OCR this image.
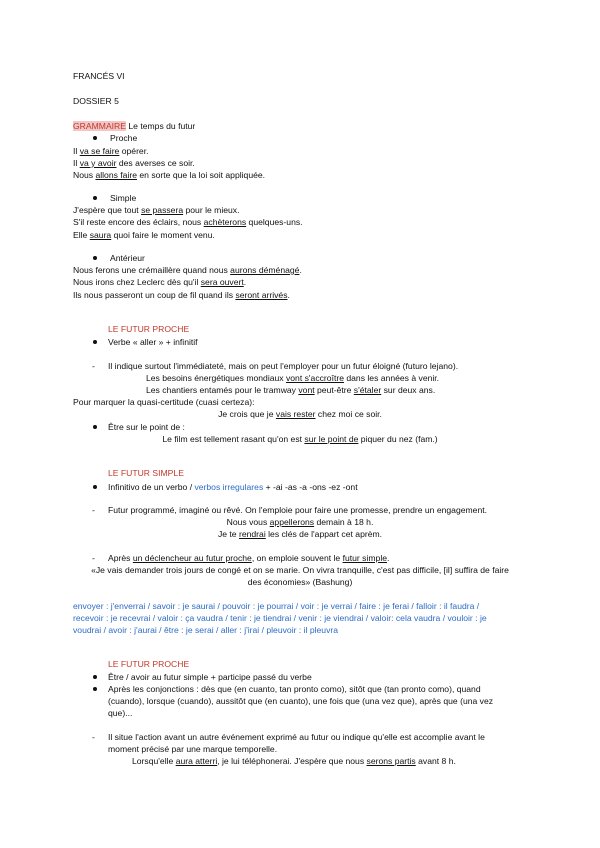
FRANCÉS VI
DOSSIER 5
GRAMMAIRE Le temps du futur
Proche
Il va se faire opérer.
Il va y avoir des averses ce soir.
Nous allons faire en sorte que la loi soit appliquée.
Simple
J'espère que tout se passera pour le mieux.
S'il reste encore des éclairs, nous achèterons quelques-uns.
Elle saura quoi faire le moment venu.
Antérieur
Nous ferons une crémaillère quand nous aurons déménagé.
Nous irons chez Leclerc dès qu'il sera ouvert.
Ils nous passeront un coup de fil quand ils seront arrivés.
LE FUTUR PROCHE
Verbe « aller » + infinitif
- Il indique surtout l'immédiateté, mais on peut l'employer pour un futur éloigné (futuro lejano).
Les besoins énergétiques mondiaux vont s'accroître dans les années à venir.
Les chantiers entamés pour le tramway vont peut-être s'étaler sur deux ans.
Pour marquer la quasi-certitude (cuasi certeza):
Je crois que je vais rester chez moi ce soir.
Être sur le point de :
Le film est tellement rasant qu'on est sur le point de piquer du nez (fam.)
LE FUTUR SIMPLE
Infinitivo de un verbo / verbos irregulares + -ai -as -a -ons -ez -ont
- Futur programmé, imaginé ou rêvé. On l'emploie pour faire une promesse, prendre un engagement.
Nous vous appellerons demain à 18 h.
Je te rendrai les clés de l'appart cet aprèm.
- Après un déclencheur au futur proche, on emploie souvent le futur simple.
«Je vais demander trois jours de congé et on se marie. On vivra tranquille, c'est pas difficile, [il] suffira de faire
des économies» (Bashung)
envoyer : j'enverrai / savoir : je saurai / pouvoir : je pourrai / voir : je verrai / faire : je ferai / falloir : il faudra /
recevoir : je recevrai / valoir : ça vaudra / tenir : je tiendrai / venir : je viendrai / valoir: cela vaudra / vouloir : je
voudrai / avoir : j'aurai / être : je serai / aller : j'irai / pleuvoir : il pleuvra
LE FUTUR PROCHE
Être / avoir au futur simple + participe passé du verbe
Après les conjonctions : dès que (en cuanto, tan pronto como), sitôt que (tan pronto como), quand
(cuando), lorsque (cuando), aussitôt que (en cuanto), une fois que (una vez que), après que (una vez
que)...
- Il situe l'action avant un autre événement exprimé au futur ou indique qu'elle est accomplie avant le
moment précisé par une marque temporelle.
Lorsqu'elle aura atterri, je lui téléphonerai. J'espère que nous serons partis avant 8 h.
